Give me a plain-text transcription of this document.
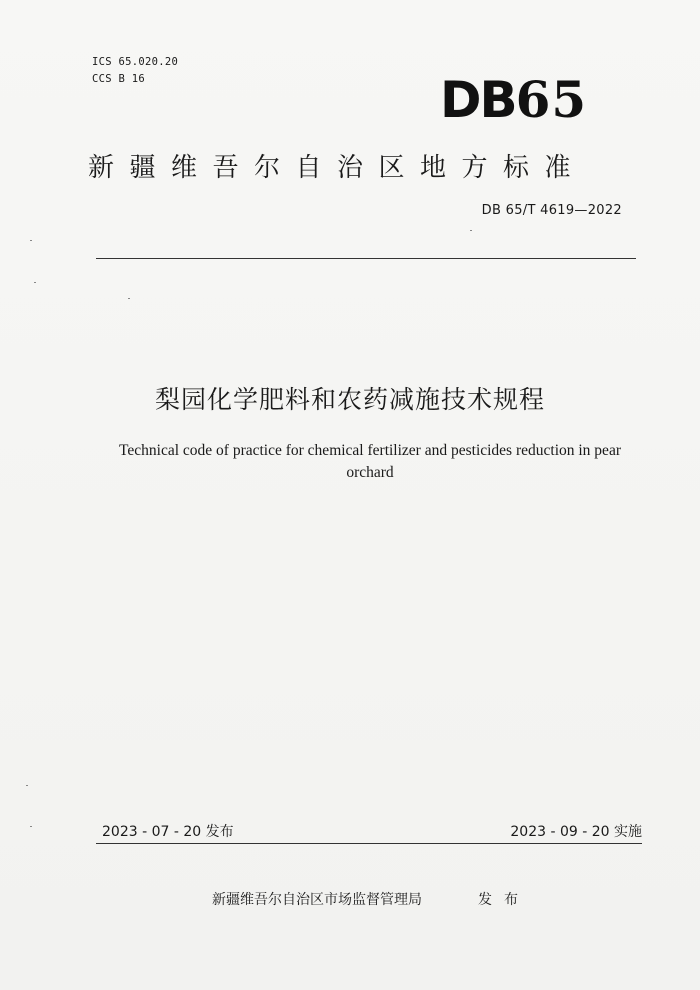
ICS 65.020.20
CCS B 16	DB65
新疆维吾尔自治区地方标准
DB 65/T 4619—2022
梨园化学肥料和农药减施技术规程
Technical code of practice for chemical fertilizer and pesticides reduction in pear
orchard
2023 - 07 - 20 发布	2023 - 09 - 20 实施
新疆维吾尔自治区市场监督管理局	发布
